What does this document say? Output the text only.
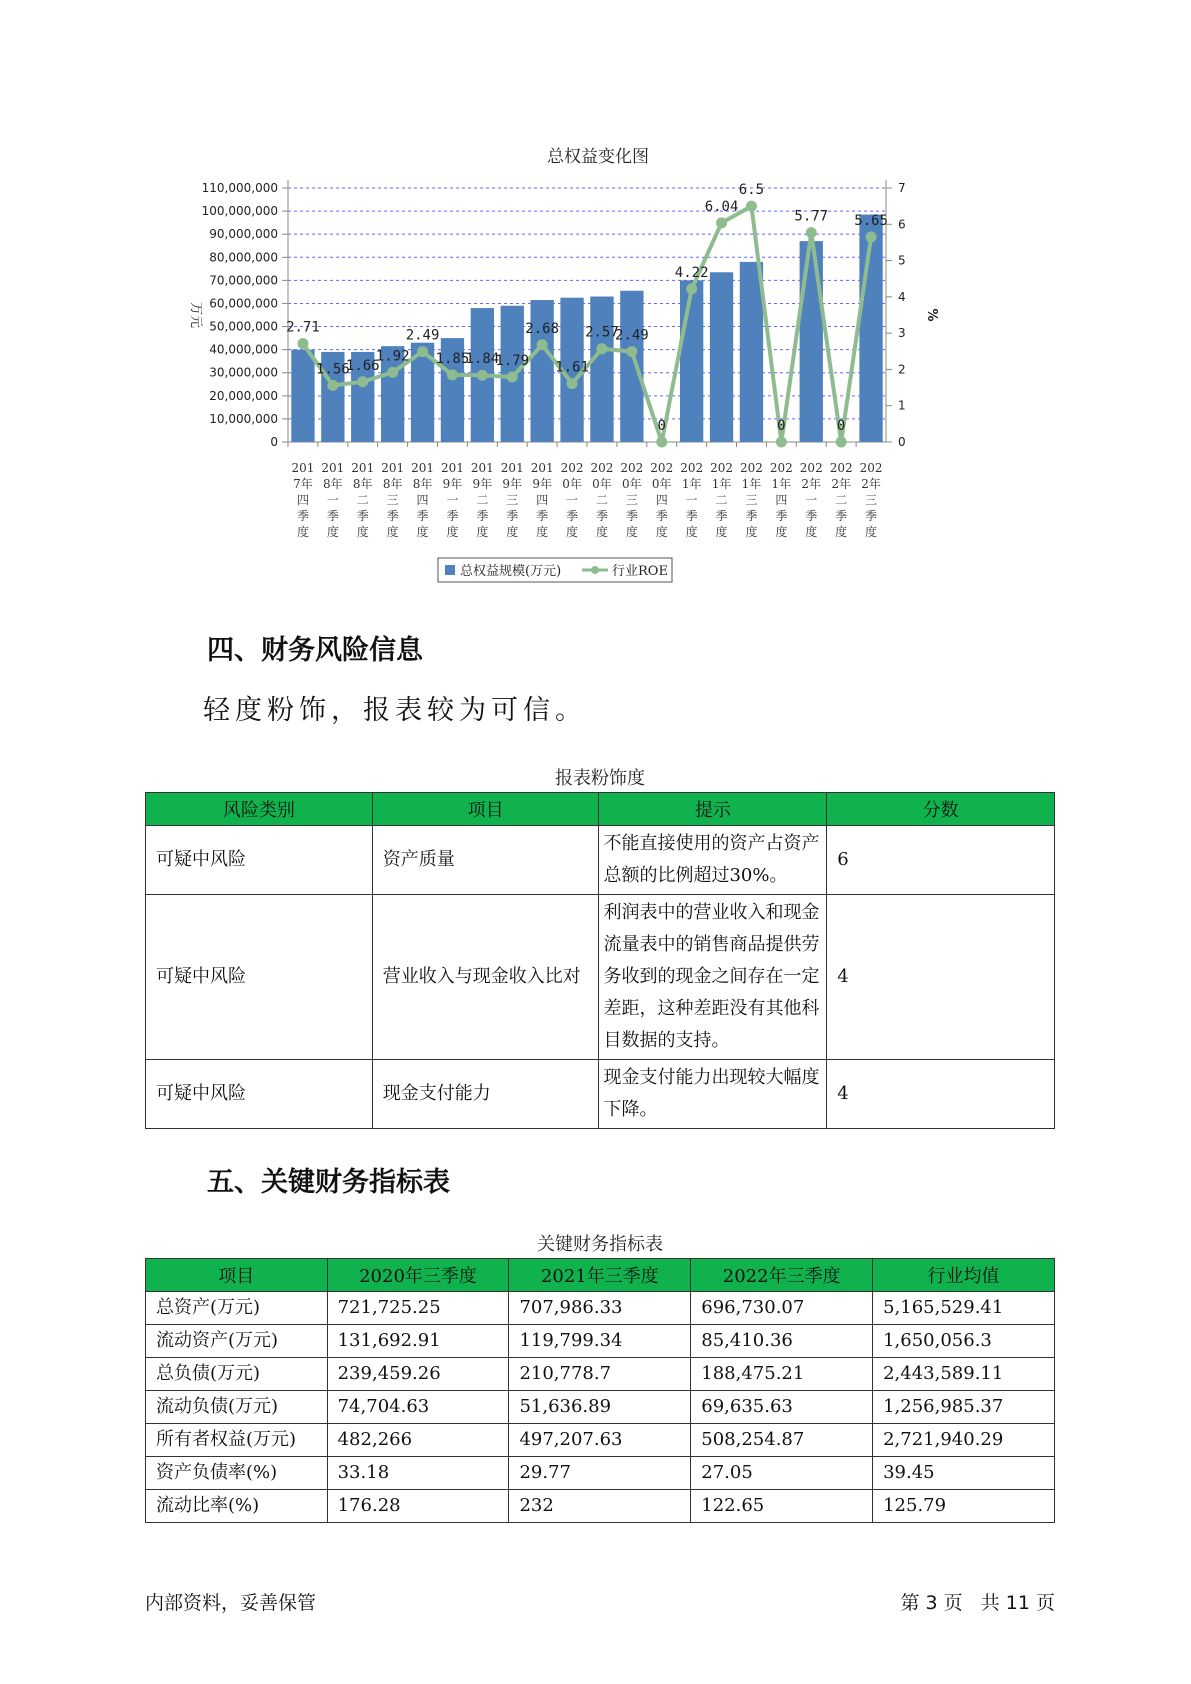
总权益变化图
0
10,000,000
20,000,000
30,000,000
40,000,000
50,000,000
60,000,000
70,000,000
80,000,000
90,000,000
100,000,000
110,000,000
0
1
2
3
4
5
6
7
万元	%
201
7年
四
季
度
201
8年
一
季
度
201
8年
二
季
度
201
8年
三
季
度
201
8年
四
季
度
201
9年
一
季
度
201
9年
二
季
度
201
9年
三
季
度
201
9年
四
季
度
202
0年
一
季
度
202
0年
二
季
度
202
0年
三
季
度
202
0年
四
季
度
202
1年
一
季
度
202
1年
二
季
度
202
1年
三
季
度
202
1年
四
季
度
202
2年
一
季
度
202
2年
二
季
度
202
2年
三
季
度
2.71
1.56
1.66
1.92
2.49
1.85
1.84
1.79
2.68
1.61
2.57
2.49
0
4.22
6.04
6.5
0
5.77
0
5.65
总权益规模(万元)	行业ROE
四、财务风险信息
轻度粉饰，报表较为可信。
报表粉饰度
风险类别	项目	提示	分数
可疑中风险	资产质量	不能直接使用的资产占资产总额的比例超过30%。	6
可疑中风险	营业收入与现金收入比对	利润表中的营业收入和现金流量表中的销售商品提供劳务收到的现金之间存在一定差距，这种差距没有其他科目数据的支持。	4
可疑中风险	现金支付能力	现金支付能力出现较大幅度下降。	4
五、关键财务指标表
关键财务指标表
项目	2020年三季度	2021年三季度	2022年三季度	行业均值
总资产(万元)	721,725.25	707,986.33	696,730.07	5,165,529.41
流动资产(万元)	131,692.91	119,799.34	85,410.36	1,650,056.3
总负债(万元)	239,459.26	210,778.7	188,475.21	2,443,589.11
流动负债(万元)	74,704.63	51,636.89	69,635.63	1,256,985.37
所有者权益(万元)	482,266	497,207.63	508,254.87	2,721,940.29
资产负债率(%)	33.18	29.77	27.05	39.45
流动比率(%)	176.28	232	122.65	125.79
内部资料，妥善保管	第 3 页   共 11 页
